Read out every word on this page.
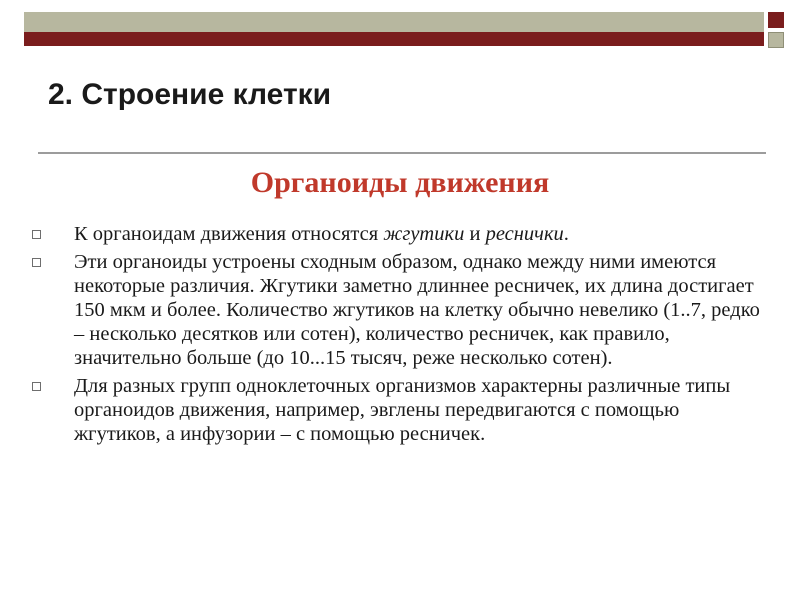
2. Строение клетки
Органоиды движения
К органоидам движения относятся жгутики и реснички.
Эти органоиды устроены сходным образом, однако между ними имеются некоторые различия. Жгутики заметно длиннее ресничек, их длина достигает 150 мкм и более. Количество жгутиков на клетку обычно невелико (1..7, редко – несколько десятков или сотен), количество ресничек, как правило, значительно больше (до 10...15 тысяч, реже несколько сотен).
Для разных групп одноклеточных организмов характерны различные типы органоидов движения, например, эвглены передвигаются с помощью жгутиков, а инфузории – с помощью ресничек.
